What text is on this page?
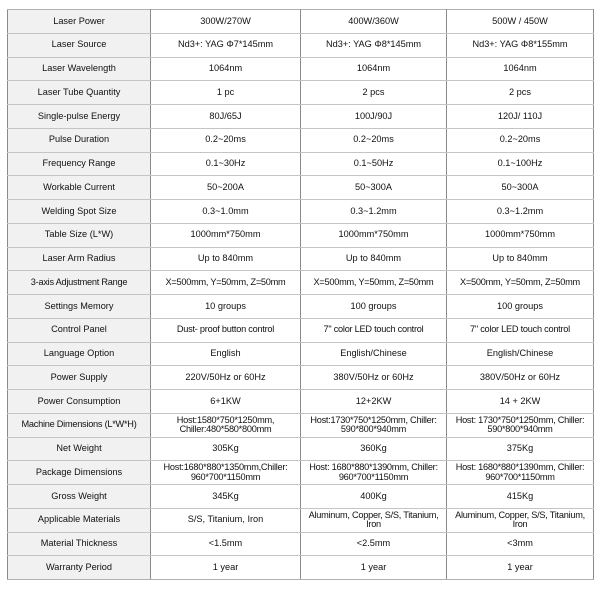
Laser Power	300W/270W	400W/360W	500W / 450W
Laser Source	Nd3+: YAG Φ7*145mm	Nd3+: YAG Φ8*145mm	Nd3+: YAG Φ8*155mm
Laser Wavelength	1064nm	1064nm	1064nm
Laser Tube Quantity	1 pc	2 pcs	2 pcs
Single-pulse Energy	80J/65J	100J/90J	120J/ 110J
Pulse Duration	0.2~20ms	0.2~20ms	0.2~20ms
Frequency Range	0.1~30Hz	0.1~50Hz	0.1~100Hz
Workable Current	50~200A	50~300A	50~300A
Welding Spot Size	0.3~1.0mm	0.3~1.2mm	0.3~1.2mm
Table Size (L*W)	1000mm*750mm	1000mm*750mm	1000mm*750mm
Laser Arm Radius	Up to 840mm	Up to 840mm	Up to 840mm
3-axis Adjustment Range	X=500mm, Y=50mm, Z=50mm	X=500mm, Y=50mm, Z=50mm	X=500mm, Y=50mm, Z=50mm
Settings Memory	10 groups	100 groups	100 groups
Control Panel	Dust- proof button control	7" color LED touch control	7" color LED touch control
Language Option	English	English/Chinese	English/Chinese
Power Supply	220V/50Hz or 60Hz	380V/50Hz or 60Hz	380V/50Hz or 60Hz
Power Consumption	6+1KW	12+2KW	14 + 2KW
Machine Dimensions (L*W*H)	Host:1580*750*1250mm, Chiller:480*580*800mm	Host:1730*750*1250mm, Chiller: 590*800*940mm	Host: 1730*750*1250mm, Chiller: 590*800*940mm
Net Weight	305Kg	360Kg	375Kg
Package Dimensions	Host:1680*880*1350mm,Chiller: 960*700*1150mm	Host: 1680*880*1390mm, Chiller: 960*700*1150mm	Host: 1680*880*1390mm, Chiller: 960*700*1150mm
Gross Weight	345Kg	400Kg	415Kg
Applicable Materials	S/S, Titanium, Iron	Aluminum, Copper, S/S, Titanium, Iron	Aluminum, Copper, S/S, Titanium, Iron
Material Thickness	<1.5mm	<2.5mm	<3mm
Warranty Period	1 year	1 year	1 year
